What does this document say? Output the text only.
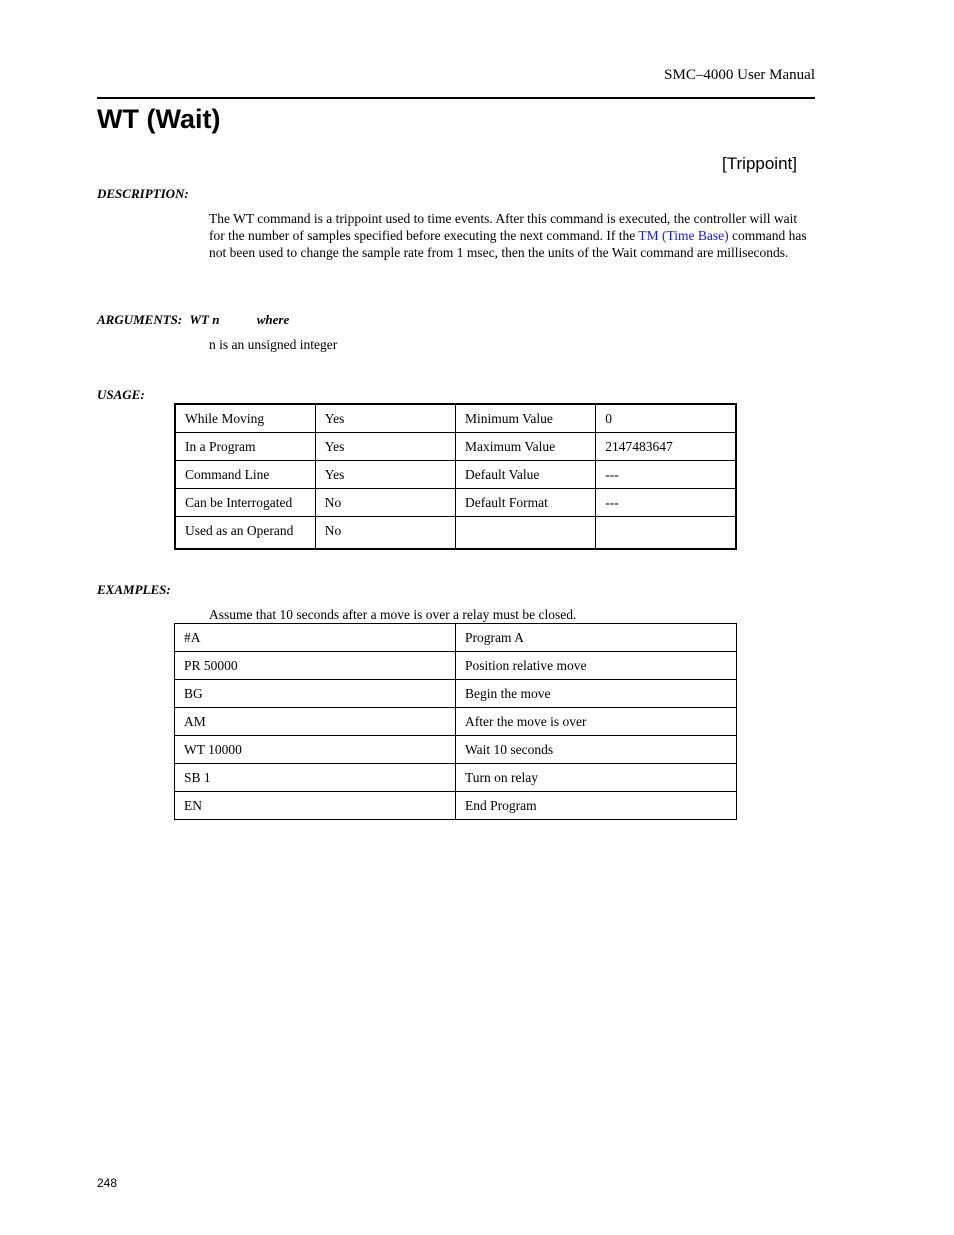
SMC–4000 User Manual
WT (Wait)
[Trippoint]
DESCRIPTION:
The WT command is a trippoint used to time events. After this command is executed, the controller will wait for the number of samples specified before executing the next command. If the TM (Time Base) command has not been used to change the sample rate from 1 msec, then the units of the Wait command are milliseconds.
ARGUMENTS: WT n	where
n is an unsigned integer
USAGE:
While Moving	Yes	Minimum Value	0
In a Program	Yes	Maximum Value	2147483647
Command Line	Yes	Default Value	---
Can be Interrogated	No	Default Format	---
Used as an Operand	No		
EXAMPLES:
Assume that 10 seconds after a move is over a relay must be closed.
#A	Program A
PR 50000	Position relative move
BG	Begin the move
AM	After the move is over
WT 10000	Wait 10 seconds
SB 1	Turn on relay
EN	End Program
248
